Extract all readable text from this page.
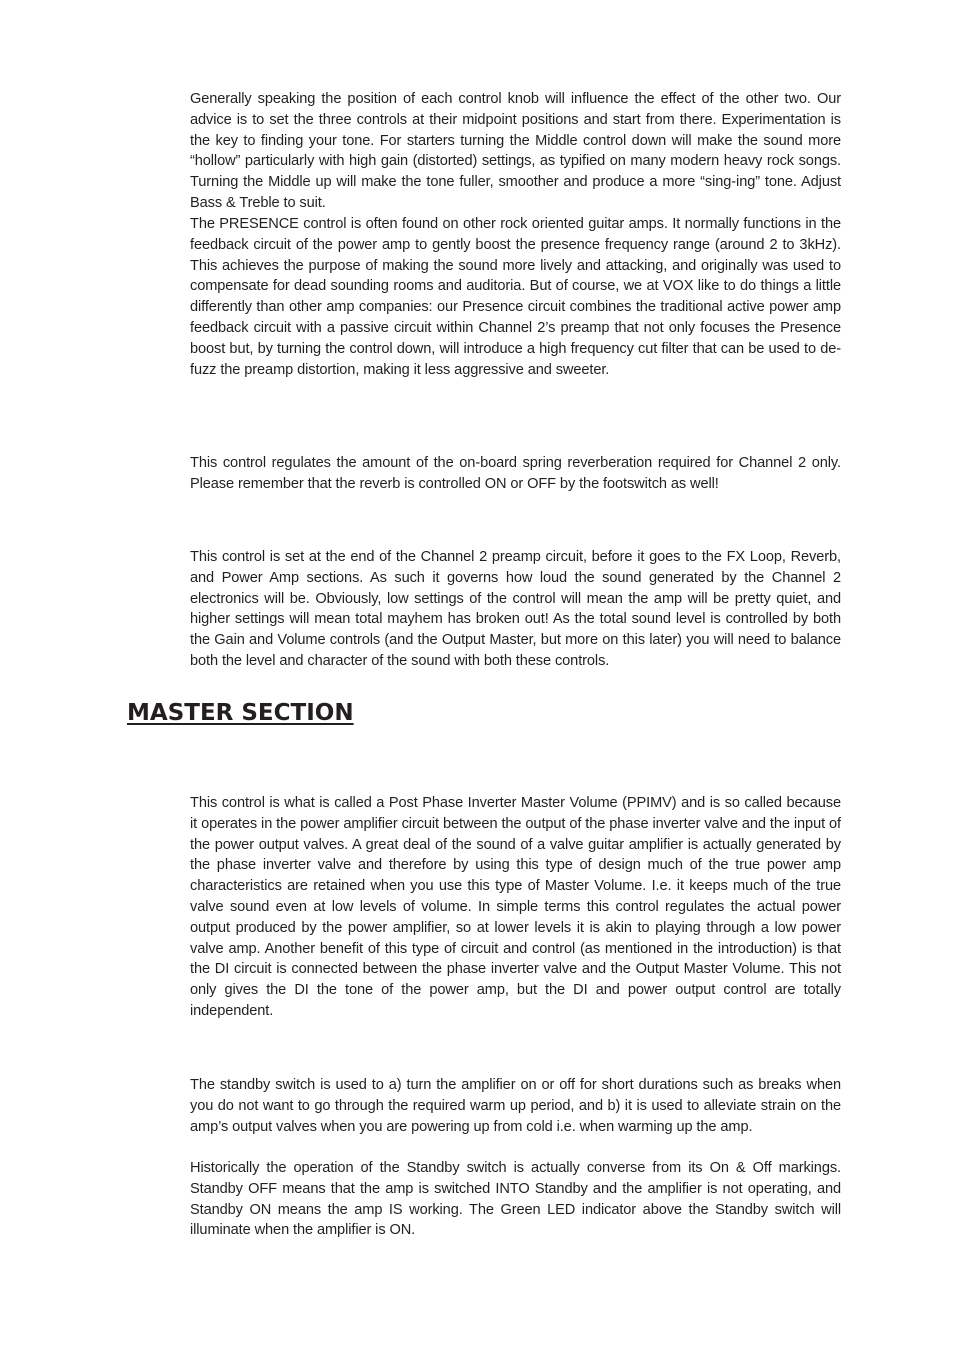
Generally speaking the position of each control knob will influence the effect of the other two. Our advice is to set the three controls at their midpoint positions and start from there. Experimentation is the key to finding your tone. For starters turning the Middle control down will make the sound more “hollow” particularly with high gain (distorted) settings, as typified on many modern heavy rock songs. Turning the Middle up will make the tone fuller, smoother and produce a more “sing-ing” tone. Adjust Bass & Treble to suit.

The PRESENCE control is often found on other rock oriented guitar amps. It normally functions in the feedback circuit of the power amp to gently boost the presence frequency range (around 2 to 3kHz). This achieves the purpose of making the sound more lively and attacking, and originally was used to compensate for dead sounding rooms and auditoria. But of course, we at VOX like to do things a little differently than other amp companies: our Presence circuit combines the traditional active power amp feedback circuit with a passive circuit within Channel 2’s preamp that not only focuses the Presence boost but, by turning the control down, will introduce a high frequency cut filter that can be used to de-fuzz the preamp distortion, making it less aggressive and sweeter.

This control regulates the amount of the on-board spring reverberation required for Channel 2 only. Please remember that the reverb is controlled ON or OFF by the footswitch as well!

This control is set at the end of the Channel 2 preamp circuit, before it goes to the FX Loop, Reverb, and Power Amp sections. As such it governs how loud the sound generated by the Channel 2 electronics will be. Obviously, low settings of the control will mean the amp will be pretty quiet, and higher settings will mean total mayhem has broken out! As the total sound level is controlled by both the Gain and Volume controls (and the Output Master, but more on this later) you will need to balance both the level and character of the sound with both these controls.

MASTER SECTION

This control is what is called a Post Phase Inverter Master Volume (PPIMV) and is so called because it operates in the power amplifier circuit between the output of the phase inverter valve and the input of the power output valves. A great deal of the sound of a valve guitar amplifier is actually generated by the phase inverter valve and therefore by using this type of design much of the true power amp characteristics are retained when you use this type of Master Volume. I.e. it keeps much of the true valve sound even at low levels of volume. In simple terms this control regulates the actual power output produced by the power amplifier, so at lower levels it is akin to playing through a low power valve amp. Another benefit of this type of circuit and control (as mentioned in the introduction) is that the DI circuit is connected between the phase inverter valve and the Output Master Volume. This not only gives the DI the tone of the power amp, but the DI and power output control are totally independent.

The standby switch is used to a) turn the amplifier on or off for short durations such as breaks when you do not want to go through the required warm up period, and b) it is used to alleviate strain on the amp’s output valves when you are powering up from cold i.e. when warming up the amp.

Historically the operation of the Standby switch is actually converse from its On & Off markings. Standby OFF means that the amp is switched INTO Standby and the amplifier is not operating, and Standby ON means the amp IS working. The Green LED indicator above the Standby switch will illuminate when the amplifier is ON.
